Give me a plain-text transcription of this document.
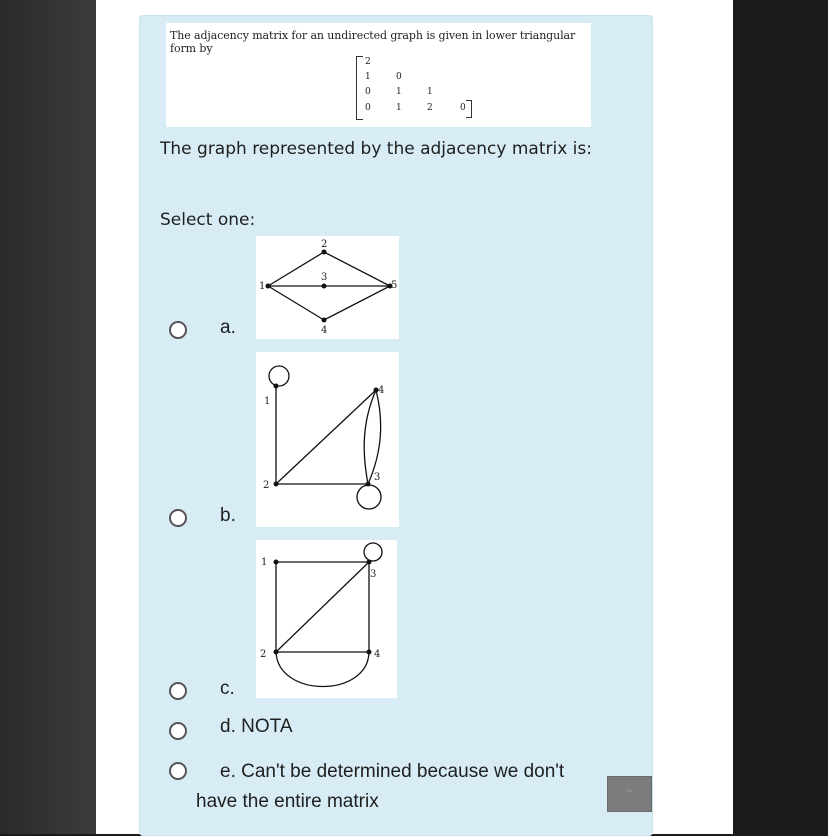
The adjacency matrix for an undirected graph is given in lower triangular form by
2
1	0
0	1	1
0	1	2	0
The graph represented by the adjacency matrix is:
Select one:
1
2
3
4
5
a.
1
2
3
4
b.
1
2
3
4
c.
d. NOTA
e. Can't be determined because we don't have the entire matrix	⌃
